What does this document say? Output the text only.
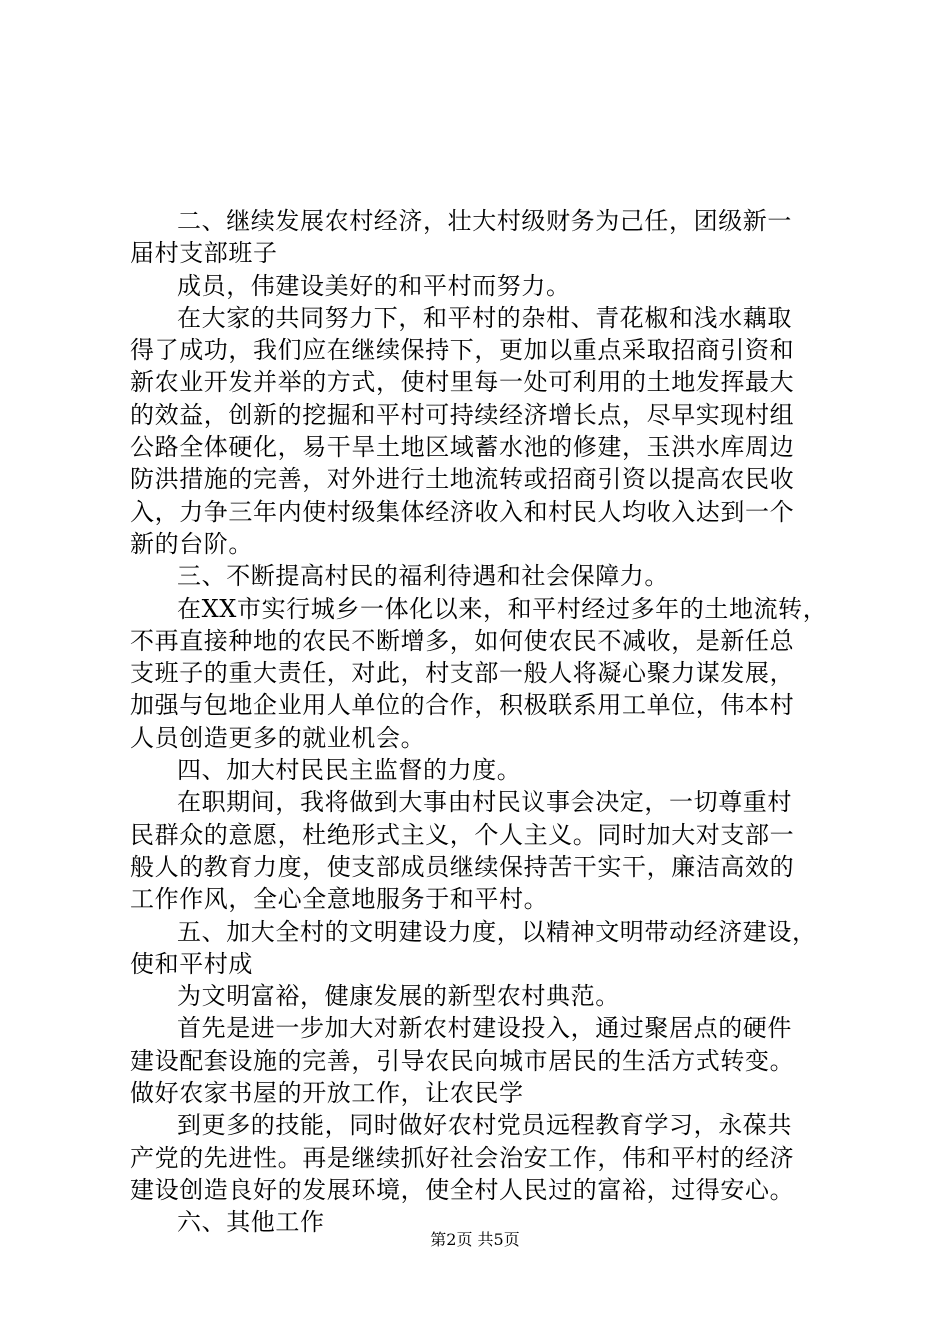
二、继续发展农村经济，壮大村级财务为己任，团级新一
届村支部班子
成员，伟建设美好的和平村而努力。
在大家的共同努力下，和平村的杂柑、青花椒和浅水藕取
得了成功，我们应在继续保持下，更加以重点采取招商引资和
新农业开发并举的方式，使村里每一处可利用的土地发挥最大
的效益，创新的挖掘和平村可持续经济增长点，尽早实现村组
公路全体硬化，易干旱土地区域蓄水池的修建，玉洪水库周边
防洪措施的完善，对外进行土地流转或招商引资以提高农民收
入，力争三年内使村级集体经济收入和村民人均收入达到一个
新的台阶。
三、不断提高村民的福利待遇和社会保障力。
在XX市实行城乡一体化以来，和平村经过多年的土地流转，
不再直接种地的农民不断增多，如何使农民不减收，是新任总
支班子的重大责任，对此，村支部一般人将凝心聚力谋发展，
加强与包地企业用人单位的合作，积极联系用工单位，伟本村
人员创造更多的就业机会。
四、加大村民民主监督的力度。
在职期间，我将做到大事由村民议事会决定，一切尊重村
民群众的意愿，杜绝形式主义，个人主义。同时加大对支部一
般人的教育力度，使支部成员继续保持苦干实干，廉洁高效的
工作作风，全心全意地服务于和平村。
五、加大全村的文明建设力度，以精神文明带动经济建设，
使和平村成
为文明富裕，健康发展的新型农村典范。
首先是进一步加大对新农村建设投入，通过聚居点的硬件
建设配套设施的完善，引导农民向城市居民的生活方式转变。
做好农家书屋的开放工作，让农民学
到更多的技能，同时做好农村党员远程教育学习，永葆共
产党的先进性。再是继续抓好社会治安工作，伟和平村的经济
建设创造良好的发展环境，使全村人民过的富裕，过得安心。
六、其他工作
第2页 共5页
